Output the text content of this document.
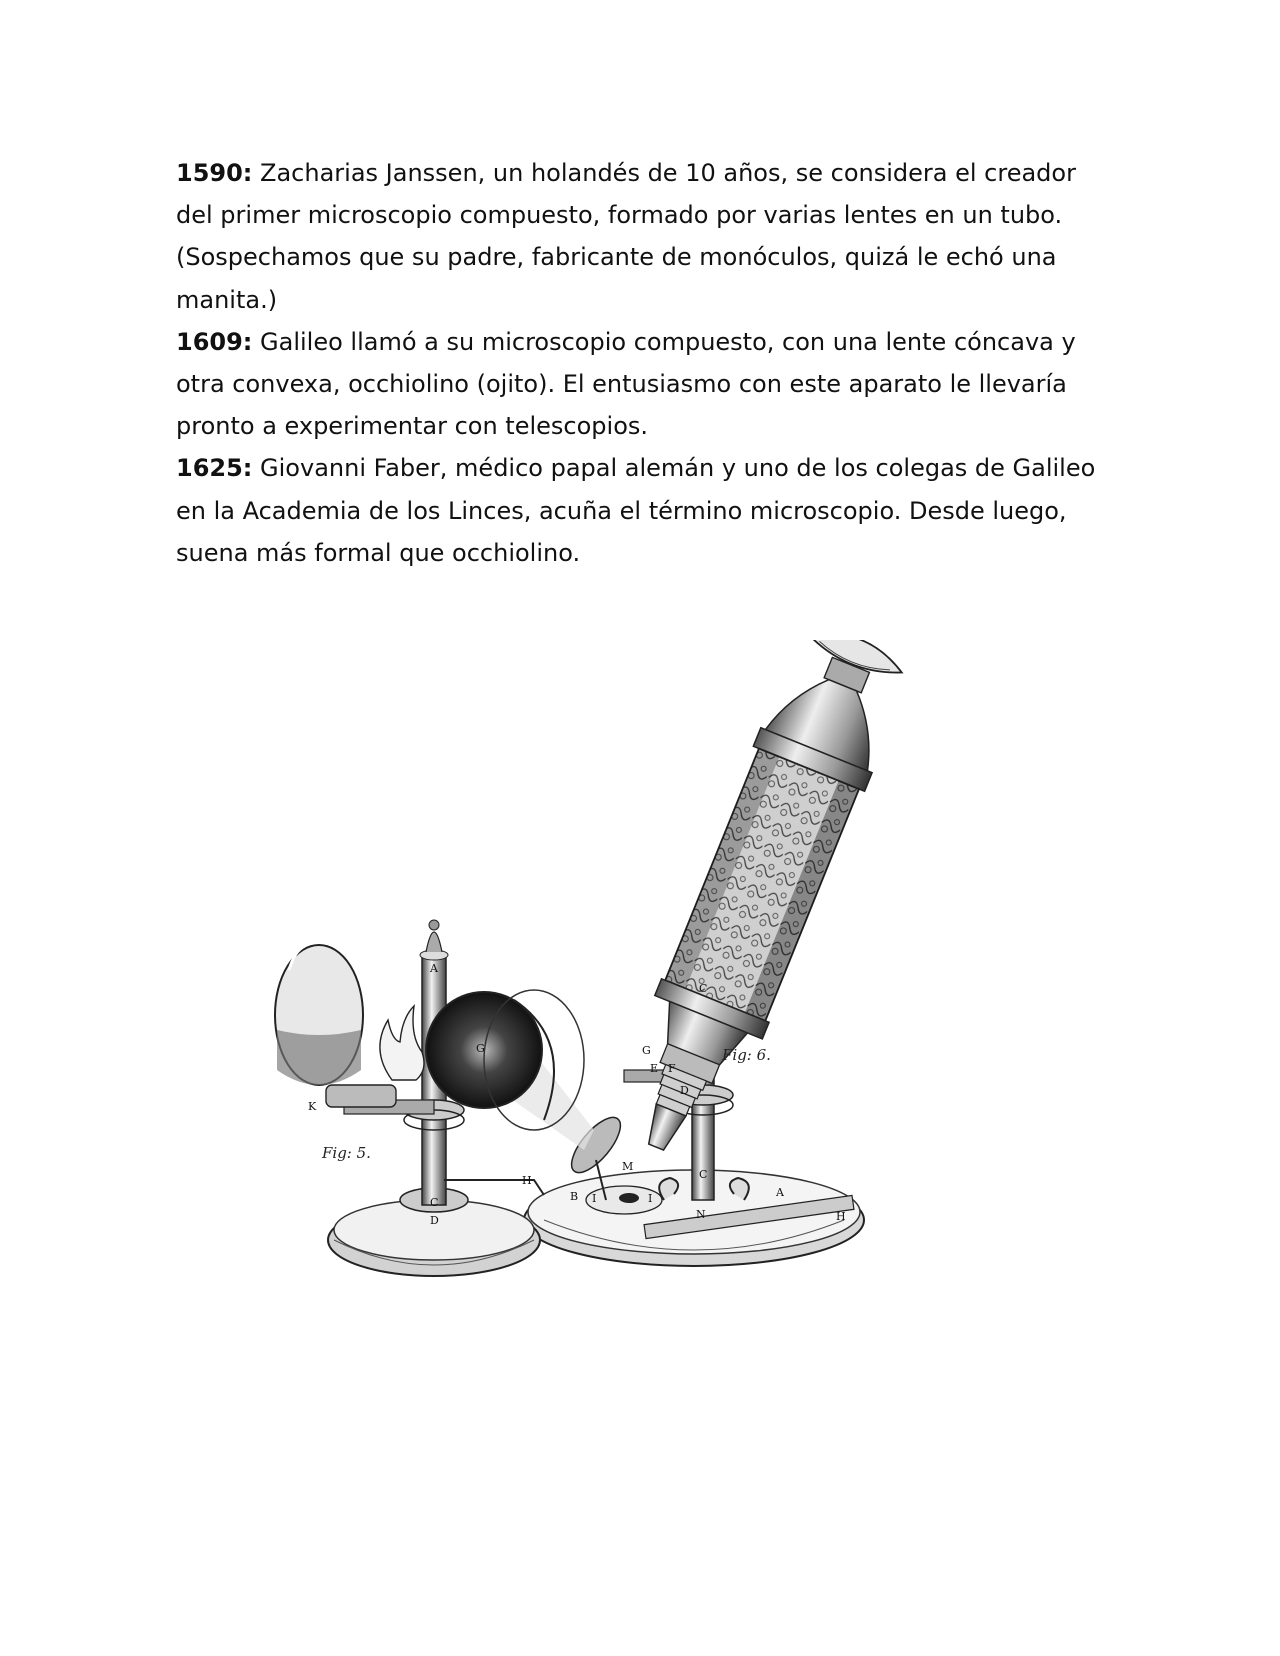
1590: Zacharias Janssen, un holandés de 10 años, se considera el creador del primer microscopio compuesto, formado por varias lentes en un tubo. (Sospechamos que su padre, fabricante de monóculos, quizá le echó una manita.)

1609: Galileo llamó a su microscopio compuesto, con una lente cóncava y otra convexa, occhiolino (ojito). El entusiasmo con este aparato le llevaría pronto a experimentar con telescopios.

1625: Giovanni Faber, médico papal alemán y uno de los colegas de Galileo en la Academia de los Linces, acuña el término microscopio. Desde luego, suena más formal que occhiolino.

Fig: 5.
Fig: 6.
A
K
G
C
H
D
C
G
E F
D
C
A
B I	I
M
N	H
